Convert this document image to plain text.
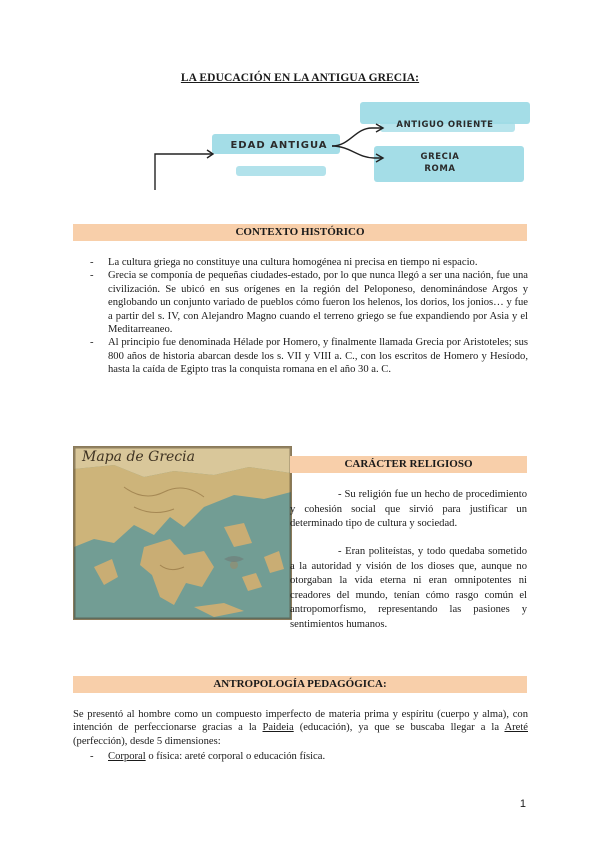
LA EDUCACIÓN EN LA ANTIGUA GRECIA:
EDAD ANTIGUA
ANTIGUO ORIENTE
GRECIA
ROMA
CONTEXTO HISTÓRICO
- La cultura griega no constituye una cultura homogénea ni precisa en tiempo ni espacio.
- Grecia se componía de pequeñas ciudades-estado, por lo que nunca llegó a ser una nación, fue una civilización. Se ubicó en sus orígenes en la región del Peloponeso, denominándose Argos y englobando un conjunto variado de pueblos cómo fueron los helenos, los dorios, los jonios… y fue a partir del s. IV, con Alejandro Magno cuando el terreno griego se fue expandiendo por Asia y el Meditarreaneo.
- Al principio fue denominada Hélade por Homero, y finalmente llamada Grecia por Aristoteles; sus 800 años de historia abarcan desde los s. VII y VIII a. C., con los escritos de Homero y Hesíodo, hasta la caída de Egipto tras la conquista romana en el año 30 a. C.
Mapa de Grecia	CARÁCTER RELIGIOSO
- Su religión fue un hecho de procedimiento y cohesión social que sirvió para justificar un determinado tipo de cultura y sociedad.
- Eran politeístas, y todo quedaba sometido a la autoridad y visión de los dioses que, aunque no otorgaban la vida eterna ni eran omnipotentes ni creadores del mundo, tenían cómo rasgo común el antropomorfismo, representando las pasiones y sentimientos humanos.
ANTROPOLOGÍA PEDAGÓGICA:

Se presentó al hombre como un compuesto imperfecto de materia prima y espíritu (cuerpo y alma), con intención de perfeccionarse gracias a la Paideia (educación), ya que se buscaba llegar a la Areté (perfección), desde 5 dimensiones:

- Corporal o física: areté corporal o educación física.
1
